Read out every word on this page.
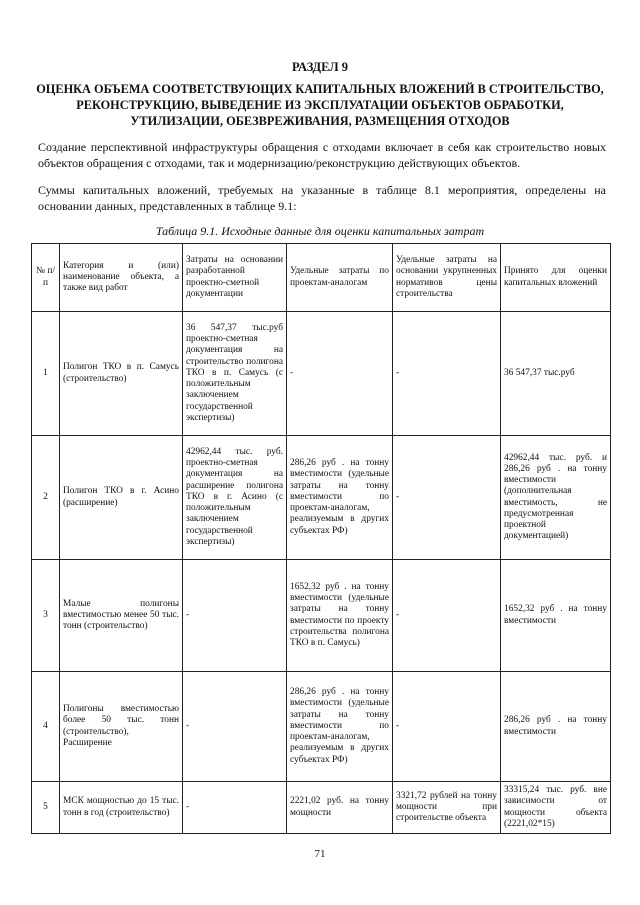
РАЗДЕЛ 9
ОЦЕНКА ОБЪЕМА СООТВЕТСТВУЮЩИХ КАПИТАЛЬНЫХ ВЛОЖЕНИЙ В СТРОИТЕЛЬСТВО, РЕКОНСТРУКЦИЮ, ВЫВЕДЕНИЕ ИЗ ЭКСПЛУАТАЦИИ ОБЪЕКТОВ ОБРАБОТКИ, УТИЛИЗАЦИИ, ОБЕЗВРЕЖИВАНИЯ, РАЗМЕЩЕНИЯ ОТХОДОВ
Создание перспективной инфраструктуры обращения с отходами включает в себя как строительство новых объектов обращения с отходами, так и модернизацию/реконструкцию действующих объектов.
Суммы капитальных вложений, требуемых на указанные в таблице 8.1 мероприятия, определены на основании данных, представленных в таблице 9.1:
Таблица 9.1. Исходные данные для оценки капитальных затрат
№ п/п	Категория и (или) наименование объекта, а также вид работ	Затраты на основании разработанной проектно-сметной документации	Удельные затраты по проектам-аналогам	Удельные затраты на основании укрупненных нормативов цены строительства	Принято для оценки капитальных вложений
1	Полигон ТКО в п. Самусь (строительство)	36 547,37 тыс.руб проектно-сметная документация на строительство полигона ТКО в п. Самусь (с положительным заключением государственной экспертизы)	-	-	36 547,37 тыс.руб
2	Полигон ТКО в г. Асино (расширение)	42962,44 тыс. руб. проектно-сметная документация на расширение полигона ТКО в г. Асино (с положительным заключением государственной экспертизы)	286,26 руб . на тонну вместимости (удельные затраты на тонну вместимости по проектам-аналогам, реализуемым в других субъектах РФ)	-	42962,44 тыс. руб. и 286,26 руб . на тонну вместимости (дополнительная вместимость, не предусмотренная проектной документацией)
3	Малые полигоны вместимостью менее 50 тыс. тонн (строительство)	-	1652,32 руб . на тонну вместимости (удельные затраты на тонну вместимости по проекту строительства полигона ТКО в п. Самусь)	-	1652,32 руб . на тонну вместимости
4	Полигоны вместимостью более 50 тыс. тонн (строительство), Расширение	-	286,26 руб . на тонну вместимости (удельные затраты на тонну вместимости по проектам-аналогам, реализуемым в других субъектах РФ)	-	286,26 руб . на тонну вместимости
5	МСК мощностью до 15 тыс. тонн в год (строительство)	-	2221,02 руб. на тонну мощности	3321,72 рублей на тонну мощности при строительстве объекта	33315,24 тыс. руб. вне зависимости от мощности объекта (2221,02*15)
71
